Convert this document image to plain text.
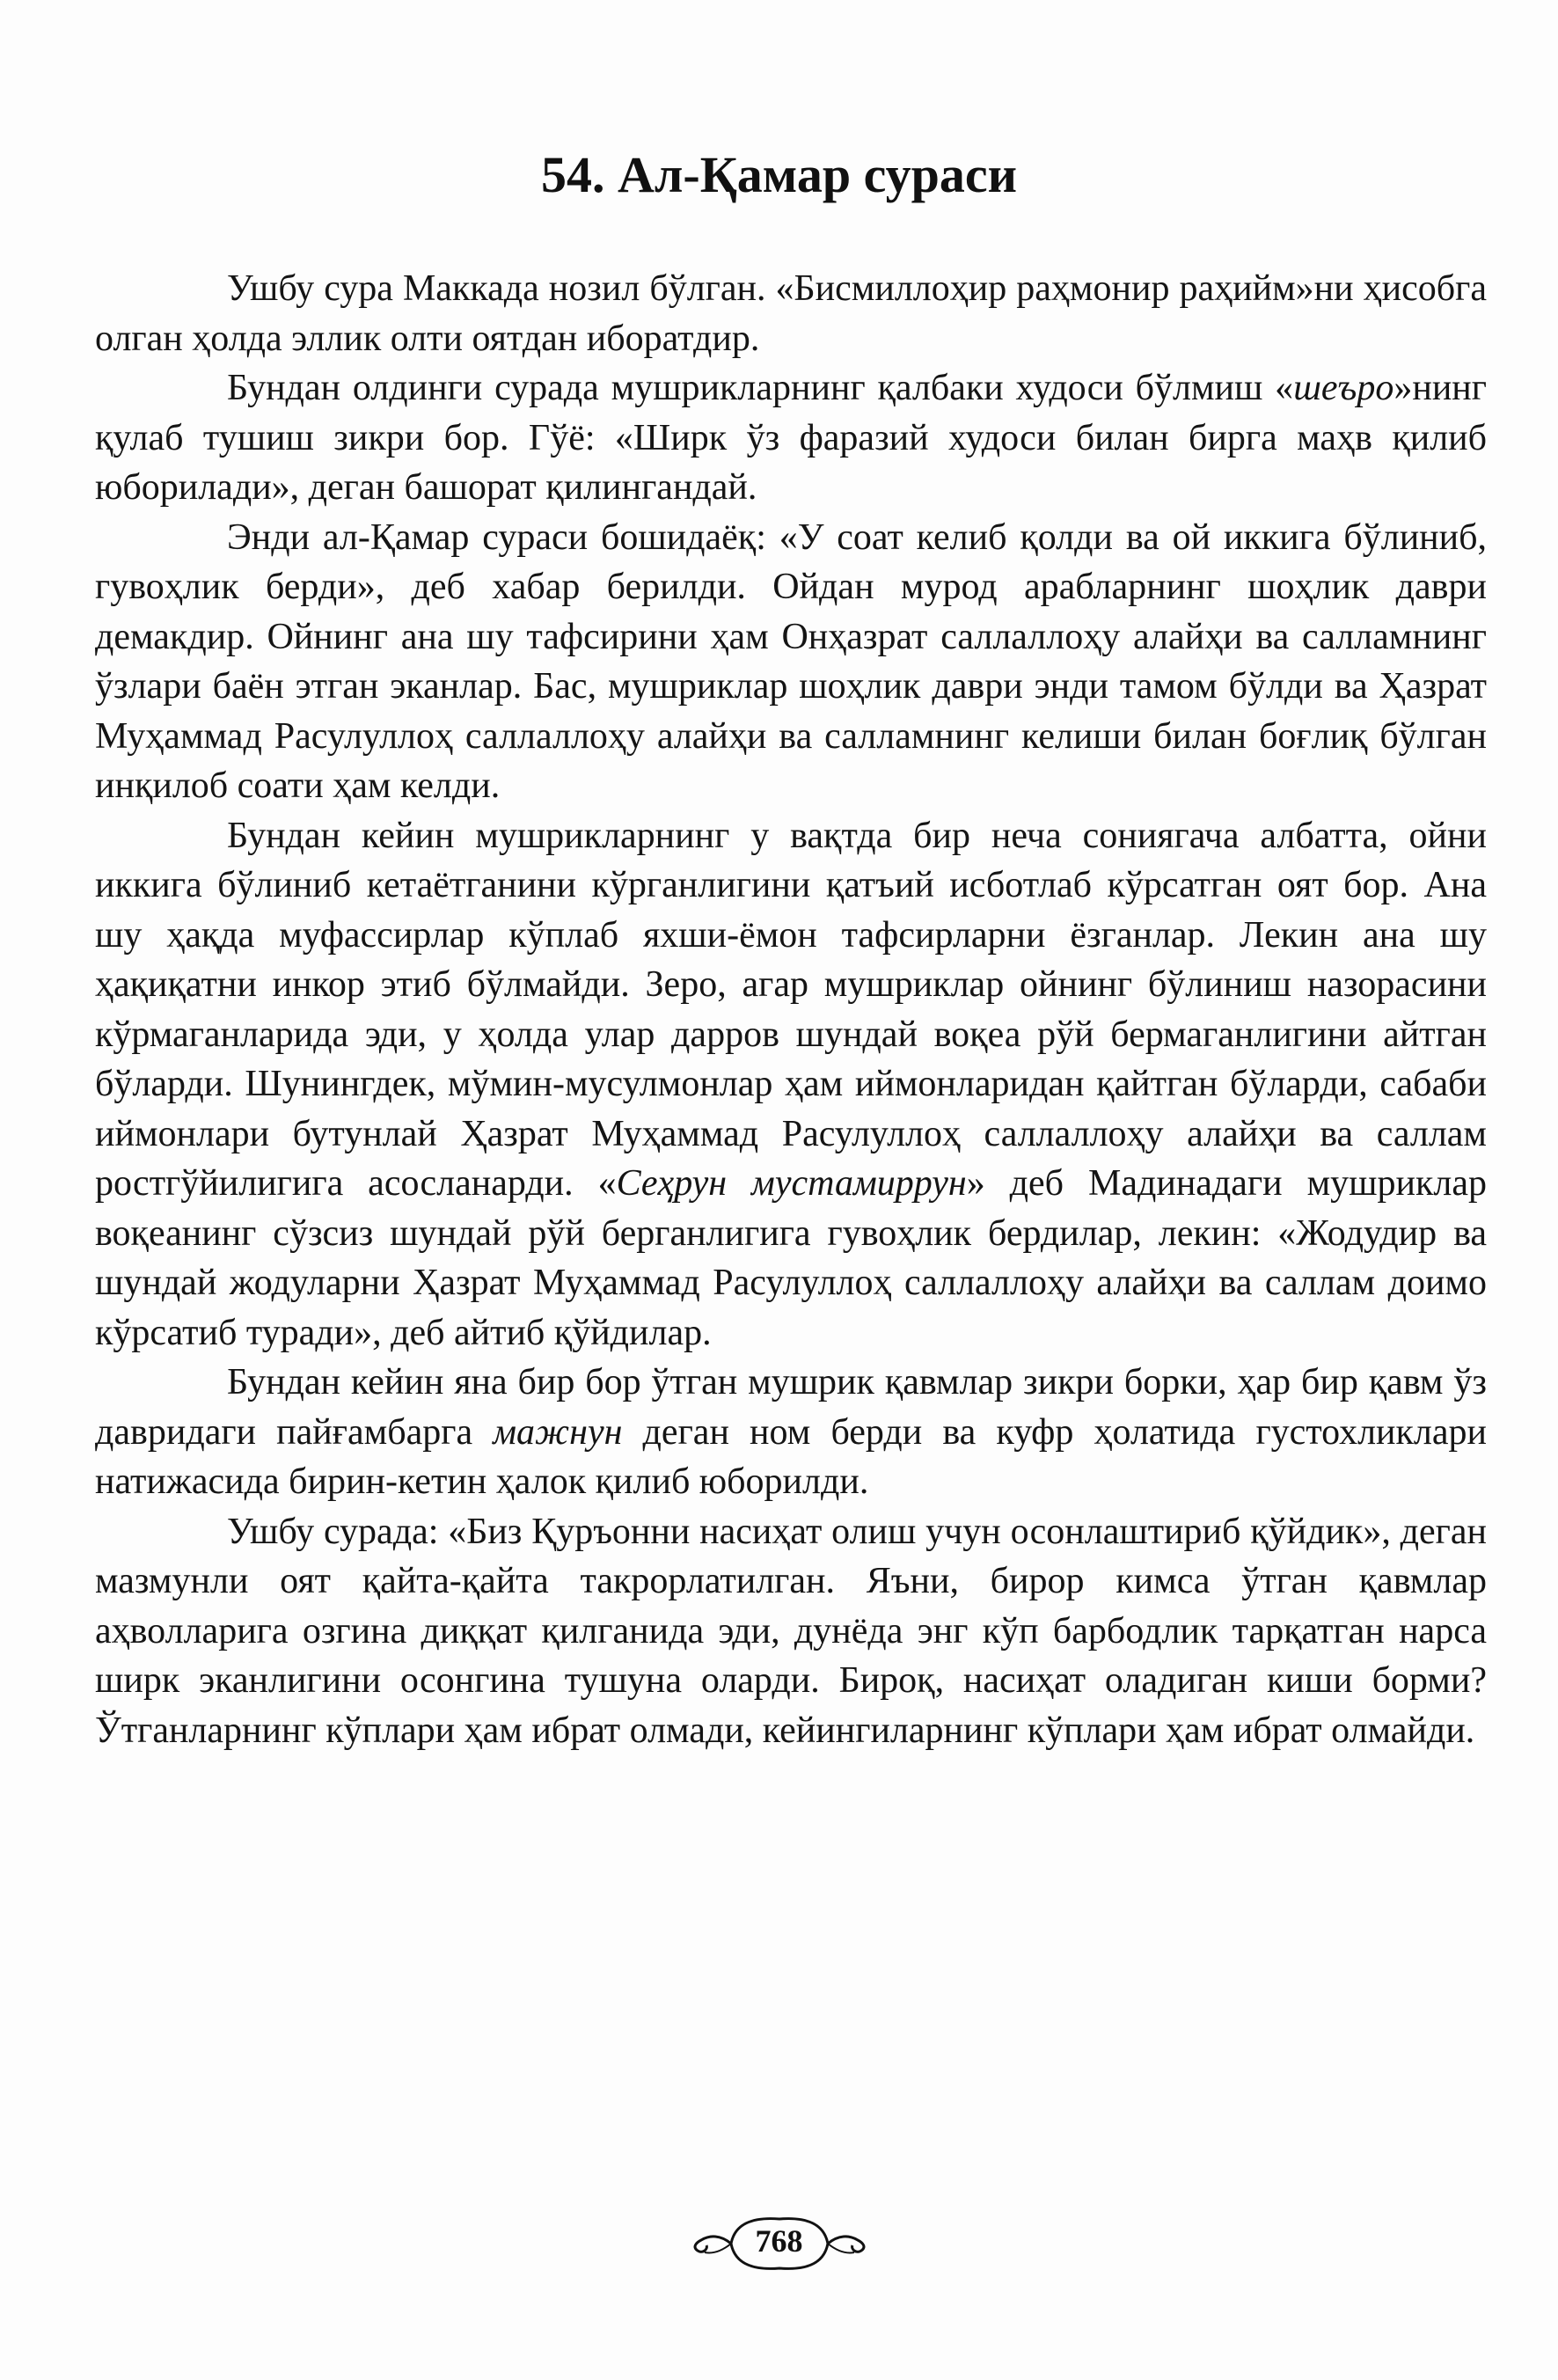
54. Ал-Қамар сураси

Ушбу сура Маккада нозил бўлган. «Бисмиллоҳир раҳмонир раҳийм»ни ҳисобга олган ҳолда эллик олти оятдан иборатдир.

Бундан олдинги сурада мушрикларнинг қалбаки худоси бўлмиш «шеъро»нинг қулаб тушиш зикри бор. Гўё: «Ширк ўз фаразий худоси билан бирга маҳв қилиб юборилади», деган башорат қилингандай.

Энди ал-Қамар сураси бошидаёқ: «У соат келиб қолди ва ой иккига бўлиниб, гувоҳлик берди», деб хабар берилди. Ойдан мурод арабларнинг шоҳлик даври демакдир. Ойнинг ана шу тафсирини ҳам Онҳазрат саллаллоҳу алайҳи ва салламнинг ўзлари баён этган эканлар. Бас, мушриклар шоҳлик даври энди тамом бўлди ва Ҳазрат Муҳаммад Расулуллоҳ саллаллоҳу алайҳи ва салламнинг келиши билан боғлиқ бўлган инқилоб соати ҳам келди.

Бундан кейин мушрикларнинг у вақтда бир неча сониягача албатта, ойни иккига бўлиниб кетаётганини кўрганлигини қатъий исботлаб кўрсатган оят бор. Ана шу ҳақда муфассирлар кўплаб яхши-ёмон тафсирларни ёзганлар. Лекин ана шу ҳақиқатни инкор этиб бўлмайди. Зеро, агар мушриклар ойнинг бўлиниш назорасини кўрмаганларида эди, у ҳолда улар дарров шундай воқеа рўй бермаганлигини айтган бўларди. Шунингдек, мўмин-мусулмонлар ҳам иймонларидан қайтган бўларди, сабаби иймонлари бутунлай Ҳазрат Муҳаммад Расулуллоҳ саллаллоҳу алайҳи ва саллам ростгўйилигига асосланарди. «Сеҳрун мустамиррун» деб Мадинадаги мушриклар воқеанинг сўзсиз шундай рўй берганлигига гувоҳлик бердилар, лекин: «Жодудир ва шундай жодуларни Ҳазрат Муҳаммад Расулуллоҳ саллаллоҳу алайҳи ва саллам доимо кўрсатиб туради», деб айтиб қўйдилар.

Бундан кейин яна бир бор ўтган мушрик қавмлар зикри борки, ҳар бир қавм ўз давридаги пайғамбарга мажнун деган ном берди ва куфр ҳолатида густохликлари натижасида бирин-кетин ҳалок қилиб юборилди.

Ушбу сурада: «Биз Қуръонни насиҳат олиш учун осонлаштириб қўйдик», деган мазмунли оят қайта-қайта такрорлатилган. Яъни, бирор кимса ўтган қавмлар аҳволларига озгина диққат қилганида эди, дунёда энг кўп барбодлик тарқатган нарса ширк эканлигини осонгина тушуна оларди. Бироқ, насиҳат оладиган киши борми? Ўтганларнинг кўплари ҳам ибрат олмади, кейингиларнинг кўплари ҳам ибрат олмайди.

768
